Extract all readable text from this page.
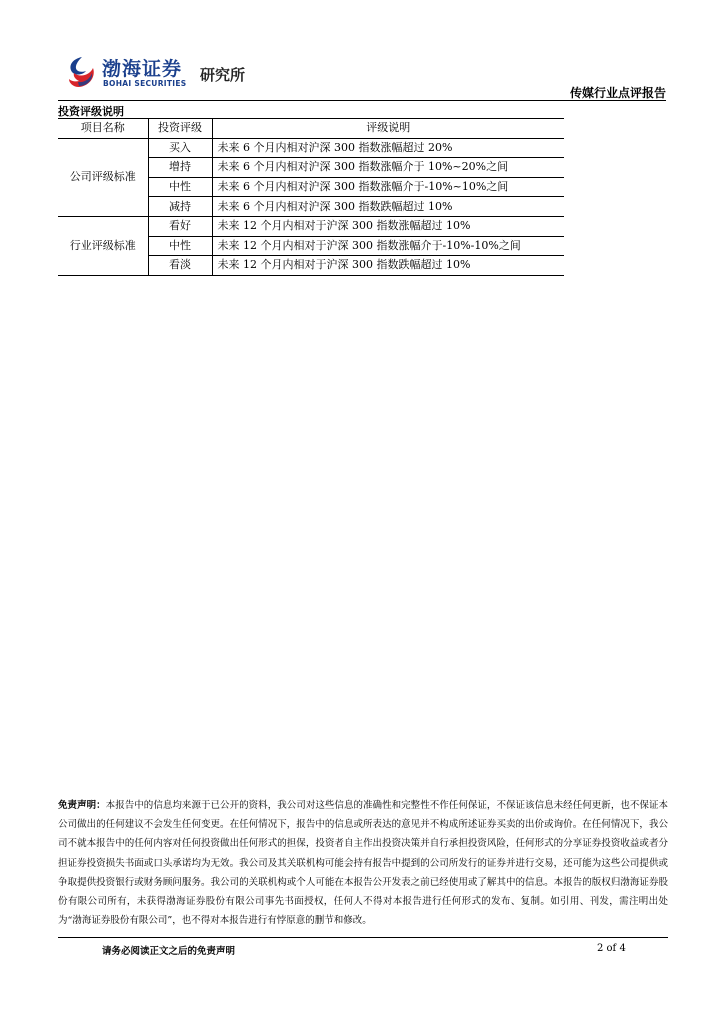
渤海证券
BOHAI SECURITIES 研究所
传媒行业点评报告
投资评级说明
项目名称	投资评级	评级说明
公司评级标准	买入	未来 6 个月内相对沪深 300 指数涨幅超过 20%
	增持	未来 6 个月内相对沪深 300 指数涨幅介于 10%~20%之间
	中性	未来 6 个月内相对沪深 300 指数涨幅介于-10%~10%之间
	减持	未来 6 个月内相对沪深 300 指数跌幅超过 10%
行业评级标准	看好	未来 12 个月内相对于沪深 300 指数涨幅超过 10%
	中性	未来 12 个月内相对于沪深 300 指数涨幅介于-10%-10%之间
	看淡	未来 12 个月内相对于沪深 300 指数跌幅超过 10%
免责声明：本报告中的信息均来源于已公开的资料，我公司对这些信息的准确性和完整性不作任何保证，不保证该信息未经任何更新，也不保证本公司做出的任何建议不会发生任何变更。在任何情况下，报告中的信息或所表达的意见并不构成所述证券买卖的出价或询价。在任何情况下，我公司不就本报告中的任何内容对任何投资做出任何形式的担保，投资者自主作出投资决策并自行承担投资风险，任何形式的分享证券投资收益或者分担证券投资损失书面或口头承诺均为无效。我公司及其关联机构可能会持有报告中提到的公司所发行的证券并进行交易，还可能为这些公司提供或争取提供投资银行或财务顾问服务。我公司的关联机构或个人可能在本报告公开发表之前已经使用或了解其中的信息。本报告的版权归渤海证券股份有限公司所有，未获得渤海证券股份有限公司事先书面授权，任何人不得对本报告进行任何形式的发布、复制。如引用、刊发，需注明出处为“渤海证券股份有限公司”，也不得对本报告进行有悖原意的删节和修改。
请务必阅读正文之后的免责声明	2 of 4
